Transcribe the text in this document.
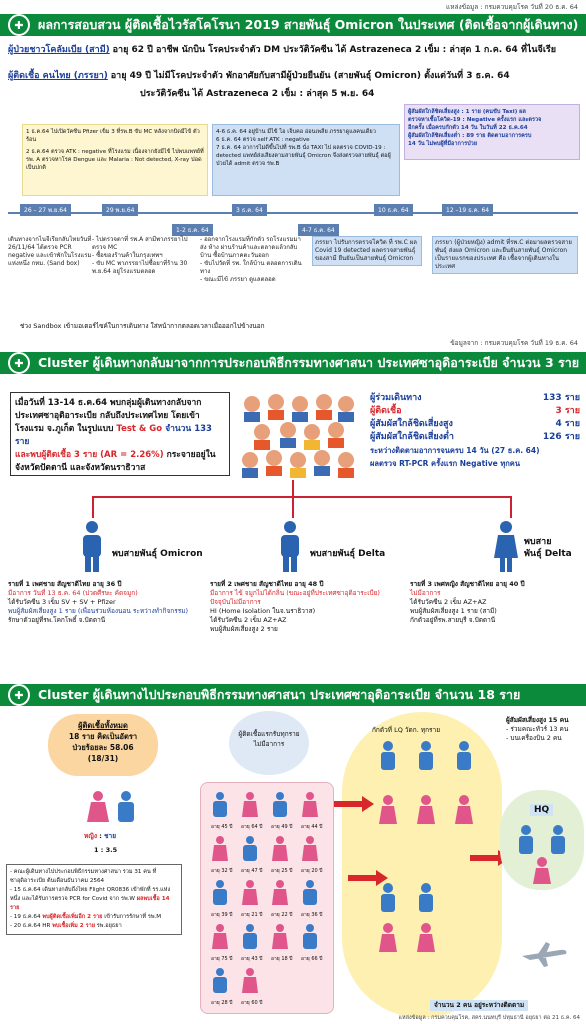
แหล่งข้อมูล : กรมควบคุมโรค วันที่ 20 ธ.ค. 64
✚	ผลการสอบสวน ผู้ติดเชื้อไวรัสโคโรนา 2019 สายพันธุ์ Omicron ในประเทศ (ติดเชื้อจากผู้เดินทาง)
ผู้ป่วยชาวโคลัมเบีย (สามี) อายุ 62 ปี อาชีพ นักบิน โรคประจำตัว DM ประวัติวัคซีน ได้ Astrazeneca 2 เข็ม : ล่าสุด 1 ก.ค. 64 ที่ไนจีเรีย
ผู้ติดเชื้อ คนไทย (ภรรยา) อายุ 49 ปี ไม่มีโรคประจำตัว พักอาศัยกับสามีผู้ป่วยยืนยัน (สายพันธุ์ Omicron) ตั้งแต่วันที่ 3 ธ.ค. 64
ประวัติวัคซีน ได้ Astrazeneca 2 เข็ม : ล่าสุด 5 พ.ย. 64
ผู้สัมผัสใกล้ชิดเสี่ยงสูง : 1 ราย (คนขับ Taxi) ผล
ตรวจหาเชื้อโควิด-19 : Negative ครั้งแรก และตรวจ
อีกครั้ง เมื่อครบกักตัว 14 วัน ในวันที่ 22 ธ.ค.64
ผู้สัมผัสใกล้ชิดเสี่ยงต่ำ : 89 ราย ติดตามอาการครบ
14 วัน ไม่พบผู้ที่มีอาการป่วย
1 ธ.ค.64 ไปเปิดวัคซีน Pfizer เข็ม 3 ที่รพ.B ขับ MC หลังจากบิดมีไข้ ตัวร้อน
2 ธ.ค.64 ตรวจ ATK : negative ที่โรงแรม เนื่องจากยังมีไข้ ไปพบแพทย์ที่รพ. A ตรวจหาโรค Dengue และ Malaria : Not detected, X-ray ปอด เป็นปกติ
4-6 ธ.ค. 64 อยู่บ้าน มีไข้ ไอ เจ็บคอ อ่อนเพลีย ภรรยาดูแลคนเดียว
6 ธ.ค. 64 ตรวจ self ATK : negative
7 ธ.ค. 64 อาการไม่ดีขึ้นไปที่ รพ.B นั่ง TAXI ไป ผลตรวจ COVID-19 : detected แพทย์ส่งเสียงตามสายพันธุ์ Omicron จึงส่งตรวจสายพันธุ์ ต่อผู้ป่วยได้ admit ตรวจ รพ.B
26 – 27 พ.ย.64	29 พ.ย.64
1-2 ธ.ค. 64
3 ธ.ค. 64
4-7 ธ.ค. 64
10 ธ.ค. 64	12 –19 ธ.ค. 64
เดินทางจากไนจีเรียกลับไทยวันที่ 26/11/64 ได้ตรวจ PCR negative และเข้าพักในโรงแรมแห่งหนึ่ง กทม. (Sand box)
- ไปตรวจตาที่ รพ.A สามีพาภรรยาไปตรวจ MC
- ซื้อของร้านค้าในกรุงเทพฯ
- ขับ MC พาภรรยาไปซื้อยาที่ร้าน 30 พ.ย.64 อยู่โรงแรมตลอด
- ออกจากโรงแรมที่กักตัว รถโรงแรมมาส่ง ห้าง ผ่านร้านค้าและตลาดแล้วกลับบ้าน ซื้อบ้านภาคตะวันออก
- ขับไปวัดที่ รพ. ใกล้บ้าน ตลอดการเดินทาง
- ขณะมีไข้ ภรรยา ดูแลตลอด
ภรรยา ไปรับการตรวจโควิด ที่ รพ.C ผล Covid 19 detected ผลตรวจสายพันธุ์ของสามี ยืนยันเป็นสายพันธุ์ Omicron
ภรรยา (ผู้ป่วยหญิง) admit ที่รพ.C ต่อมาผลตรวจสายพันธุ์ ส่งผล Omicron และยืนยันสายพันธุ์ Omicron เป็นรายแรกของประเทศ คือ เชื้อจากผู้เดินทางในประเทศ
ช่วง Sandbox เข้ามอเตอร์ไซค์ในการเดินทาง ใส่หน้ากากตลอดเวลาเมื่อออกไปข้างนอก
ข้อมูลจาก : กรมควบคุมโรค วันที่ 19 ธ.ค. 64
✚	Cluster ผู้เดินทางกลับมาจากการประกอบพิธีกรรมทางศาสนา ประเทศซาอุดิอาระเบีย จำนวน 3 ราย
เมื่อวันที่ 13-14 ธ.ค.64 พบกลุ่มผู้เดินทางกลับจาก
ประเทศซาอุดิอาระเบีย กลับถึงประเทศไทย โดยเข้า
โรงแรม จ.ภูเก็ต ในรูปแบบ Test & Go จำนวน 133 ราย
และพบผู้ติดเชื้อ 3 ราย (AR = 2.26%) กระจายอยู่ใน
จังหวัดปัตตานี และจังหวัดนราธิวาส
ผู้ร่วมเดินทาง	133 ราย
ผู้ติดเชื้อ	3 ราย
ผู้สัมผัสใกล้ชิดเสี่ยงสูง	4 ราย
ผู้สัมผัสใกล้ชิดเสี่ยงต่ำ	126 ราย
ระหว่างติดตามอาการจนครบ 14 วัน (27 ธ.ค. 64)
ผลตรวจ RT-PCR ครั้งแรก Negative ทุกคน
พบสายพันธุ์ Omicron	พบสายพันธุ์ Delta
พบสาย
พันธุ์ Delta
รายที่ 1 เพศชาย สัญชาติไทย อายุ 36 ปี
มีอาการ วันที่ 13 ธ.ค. 64 (ปวดศีรษะ คัดจมูก)
ได้รับวัคซีน 3 เข็ม SV + SV + Pfizer
พบผู้สัมผัสเสี่ยงสูง 1 ราย (เพื่อนร่วมห้องนอน ระหว่างทำกิจกรรม)
รักษาตัวอยู่ที่รพ.โคกโพธิ์ จ.ปัตตานี
รายที่ 2 เพศชาย สัญชาติไทย อายุ 48 ปี
มีอาการ ไข้ จมูกไม่ได้กลิ่น (ขณะอยู่ที่ประเทศซาอุดิอาระเบีย) ปัจจุบันไม่มีอาการ
HI (Home Isolation ในจ.นราธิวาส)
ได้รับวัคซีน 2 เข็ม AZ+AZ
พบผู้สัมผัสเสี่ยงสูง 2 ราย
รายที่ 3 เพศหญิง สัญชาติไทย อายุ 40 ปี
ไม่มีอาการ
ได้รับวัคซีน 2 เข็ม AZ+AZ
พบผู้สัมผัสเสี่ยงสูง 1 ราย (สามี)
กักตัวอยู่ที่รพ.สายบุรี จ.ปัตตานี
✚	Cluster ผู้เดินทางไปประกอบพิธีกรรมทางศาสนา ประเทศซาอุดิอาระเบีย จำนวน 18 ราย
ผู้ติดเชื้อทั้งหมด
18 ราย คิดเป็นอัตรา
ป่วยร้อยละ 58.06
(18/31)
หญิง : ชาย
1 : 3.5
- คณะผู้เดินทางไปประกอบพิธีกรรมทางศาสนา รวม 31 คน ที่ซาอุดิอาระเบีย ต้นเดือนธันวาคม 2564
- 15 ธ.ค.64 เดินทางกลับถึงไทย Flight QR0836 เข้าพักที่ รร.แห่งหนึ่ง และได้รับการตรวจ PCR for Covid จาก รพ.W ผลพบเชื้อ 14 ราย
- 19 ธ.ค.64 พบผู้ติดเชื้อเพิ่มอีก 2 ราย เข้ารับการรักษาที่ รพ.M
- 20 ธ.ค.64 HR พบเชื้อเพิ่ม 2 ราย รพ.อยุธยา
ผู้ติดเชื้อแรกรับทุกราย
ไม่มีอาการ
อายุ 45 ปี อายุ 64 ปี อายุ 49 ปี อายุ 44 ปี
อายุ 32 ปี อายุ 47 ปี อายุ 25 ปี อายุ 20 ปี
อายุ 39 ปี อายุ 21 ปี อายุ 22 ปี อายุ 36 ปี
อายุ 75 ปี อายุ 43 ปี อายุ 18 ปี อายุ 66 ปี
อายุ 28 ปี อายุ 60 ปี
กักตัวที่ LQ วัดก. ทุกราย
ผู้สัมผัสเสี่ยงสูง 15 คน
- ร่วมคณะทัวร์ 13 คน
- บนเครื่องบิน 2 คน
HQ
จำนวน 2 คน อยู่ระหว่างติดตาม
แหล่งข้อมูล : กรมควบคุมโรค, สคร.นนทบุรี ปทุมธานี อยุธยา ต่อ 21 ธ.ค. 64
